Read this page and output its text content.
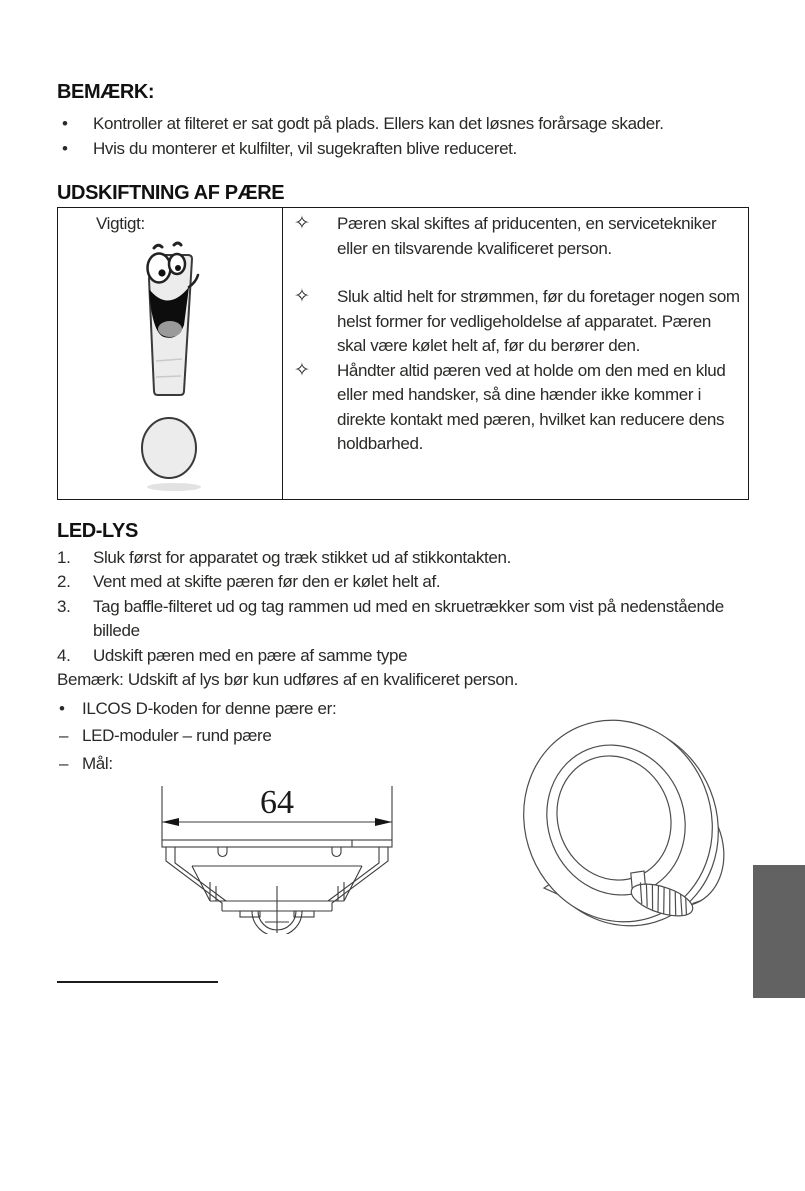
BEMÆRK:
• Kontroller at filteret er sat godt på plads. Ellers kan det løsnes forårsage skader.
• Hvis du monterer et kulfilter, vil sugekraften blive reduceret.
UDSKIFTNING AF PÆRE
Vigtigt:	✧ Pæren skal skiftes af priducenten, en servicetekniker eller en tilsvarende kvalificeret person.
✧ Sluk altid helt for strømmen, før du foretager nogen som helst former for vedligeholdelse af apparatet. Pæren skal være kølet helt af, før du berører den.
✧ Håndter altid pæren ved at holde om den med en klud eller med handsker, så dine hænder ikke kommer i direkte kontakt med pæren, hvilket kan reducere dens holdbarhed.
LED-LYS
1. Sluk først for apparatet og træk stikket ud af stikkontakten.
2. Vent med at skifte pæren før den er kølet helt af.
3. Tag baffle-filteret ud og tag rammen ud med en skruetrækker som vist på nedenstående billede
4. Udskift pæren med en pære af samme type
Bemærk: Udskift af lys bør kun udføres af en kvalificeret person.
• ILCOS D-koden for denne pære er:
– LED-moduler – rund pære
– Mål:
64
